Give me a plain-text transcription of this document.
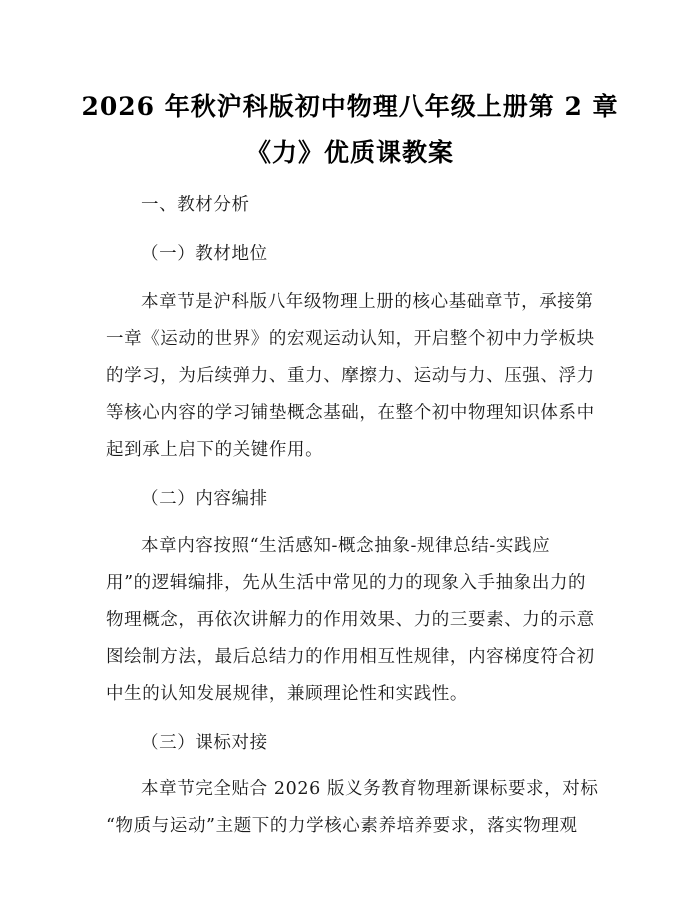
2026 年秋沪科版初中物理八年级上册第 2 章
《力》优质课教案
一、教材分析
（一）教材地位
本章节是沪科版八年级物理上册的核心基础章节，承接第
一章《运动的世界》的宏观运动认知，开启整个初中力学板块
的学习，为后续弹力、重力、摩擦力、运动与力、压强、浮力
等核心内容的学习铺垫概念基础，在整个初中物理知识体系中
起到承上启下的关键作用。
（二）内容编排
本章内容按照“生活感知-概念抽象-规律总结-实践应
用”的逻辑编排，先从生活中常见的力的现象入手抽象出力的
物理概念，再依次讲解力的作用效果、力的三要素、力的示意
图绘制方法，最后总结力的作用相互性规律，内容梯度符合初
中生的认知发展规律，兼顾理论性和实践性。
（三）课标对接
本章节完全贴合 2026 版义务教育物理新课标要求，对标
“物质与运动”主题下的力学核心素养培养要求，落实物理观
